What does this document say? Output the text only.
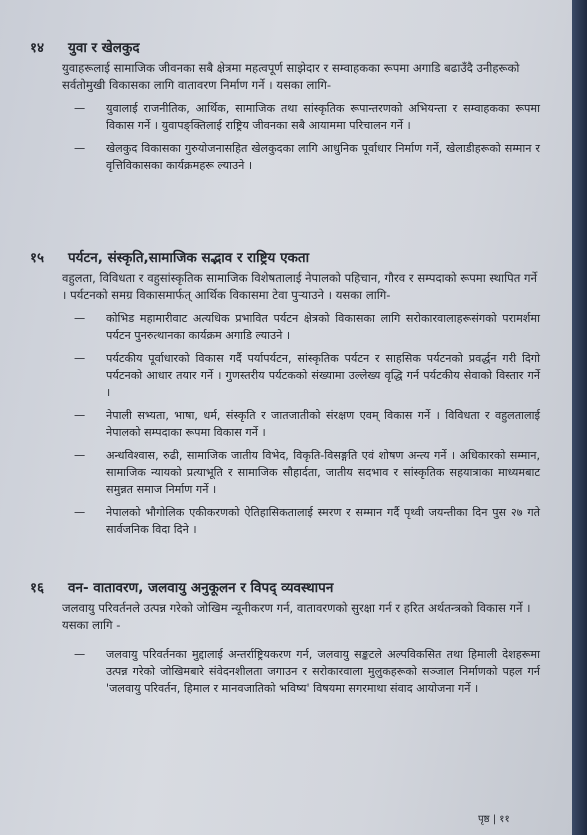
१४ युवा र खेलकुद
युवाहरूलाई सामाजिक जीवनका सबै क्षेत्रमा महत्वपूर्ण साझेदार र सम्वाहकका रूपमा अगाडि बढाउँदै उनीहरूको सर्वतोमुखी विकासका लागि वातावरण निर्माण गर्ने । यसका लागि-
—	युवालाई राजनीतिक, आर्थिक, सामाजिक तथा सांस्कृतिक रूपान्तरणको अभियन्ता र सम्वाहकका रूपमा विकास गर्ने । युवापङ्क्तिलाई राष्ट्रिय जीवनका सबै आयाममा परिचालन गर्ने ।
—	खेलकुद विकासका गुरुयोजनासहित खेलकुदका लागि आधुनिक पूर्वाधार निर्माण गर्ने, खेलाडीहरूको सम्मान र वृत्तिविकासका कार्यक्रमहरू ल्याउने ।
१५ पर्यटन, संस्कृति,सामाजिक सद्भाव र राष्ट्रिय एकता
वहुलता, विविधता र वहुसांस्कृतिक सामाजिक विशेषतालाई नेपालको पहिचान, गौरव र सम्पदाको रूपमा स्थापित गर्ने । पर्यटनको समग्र विकासमार्फत् आर्थिक विकासमा टेवा पुऱ्याउने । यसका लागि-
—	कोभिड महामारीवाट अत्यधिक प्रभावित पर्यटन क्षेत्रको विकासका लागि सरोकारवालाहरूसंगको परामर्शमा पर्यटन पुनरुत्थानका कार्यक्रम अगाडि ल्याउने ।
—	पर्यटकीय पूर्वाधारको विकास गर्दै पर्यापर्यटन, सांस्कृतिक पर्यटन र साहसिक पर्यटनको प्रवर्द्धन गरी दिगो पर्यटनको आधार तयार गर्ने । गुणस्तरीय पर्यटकको संख्यामा उल्लेख्य वृद्धि गर्न पर्यटकीय सेवाको विस्तार गर्ने ।
—	नेपाली सभ्यता, भाषा, धर्म, संस्कृति र जातजातीको संरक्षण एवम् विकास गर्ने । विविधता र वहुलतालाई नेपालको सम्पदाका रूपमा विकास गर्ने ।
—	अन्धविश्वास, रुढी, सामाजिक जातीय विभेद, विकृति-विसङ्गति एवं शोषण अन्त्य गर्ने । अधिकारको सम्मान, सामाजिक न्यायको प्रत्याभूति र सामाजिक सौहार्दता, जातीय सदभाव र सांस्कृतिक सहयात्राका माध्यमबाट समुन्नत समाज निर्माण गर्ने ।
—	नेपालको भौगोलिक एकीकरणको ऐतिहासिकतालाई स्मरण र सम्मान गर्दै पृथ्वी जयन्तीका दिन पुस २७ गते सार्वजनिक विदा दिने ।
१६ वन- वातावरण, जलवायु अनुकूलन र विपद् व्यवस्थापन
जलवायु परिवर्तनले उत्पन्न गरेको जोखिम न्यूनीकरण गर्न, वातावरणको सुरक्षा गर्न र हरित अर्थतन्त्रको विकास गर्ने । यसका लागि -
—	जलवायु परिवर्तनका मुद्दालाई अन्तर्राष्ट्रियकरण गर्न, जलवायु सङ्कटले अल्पविकसित तथा हिमाली देशहरूमा उत्पन्न गरेको जोखिमबारे संवेदनशीलता जगाउन र सरोकारवाला मुलुकहरूको सञ्जाल निर्माणको पहल गर्न 'जलवायु परिवर्तन, हिमाल र मानवजातिको भविष्य' विषयमा सगरमाथा संवाद आयोजना गर्ने ।
पृष्ठ | ११
